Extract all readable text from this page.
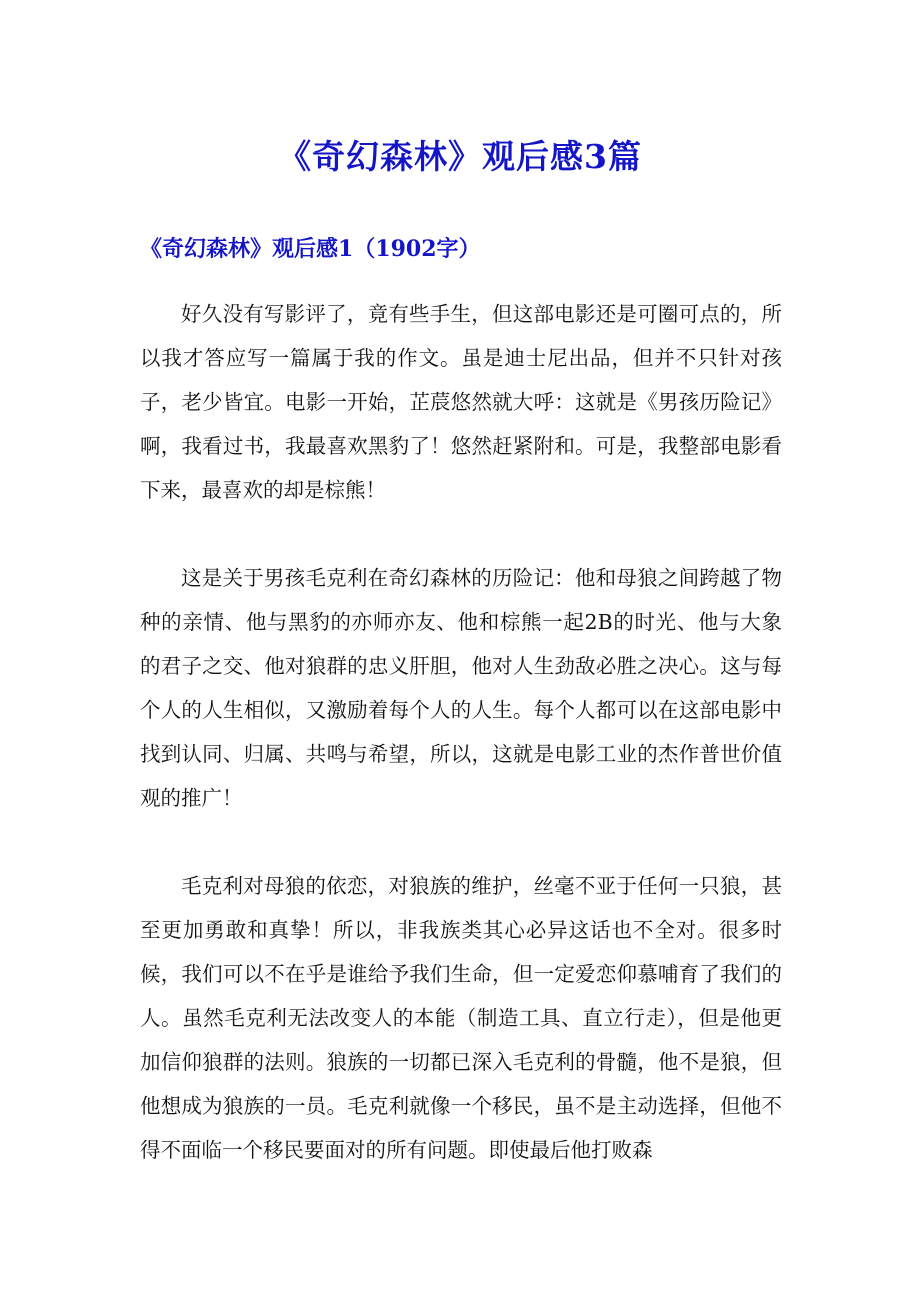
《奇幻森林》观后感3篇
《奇幻森林》观后感1（1902字）

好久没有写影评了，竟有些手生，但这部电影还是可圈可点的，所以我才答应写一篇属于我的作文。虽是迪士尼出品，但并不只针对孩子，老少皆宜。电影一开始，芷莀悠然就大呼：这就是《男孩历险记》啊，我看过书，我最喜欢黑豹了！悠然赶紧附和。可是，我整部电影看下来，最喜欢的却是棕熊！

这是关于男孩毛克利在奇幻森林的历险记：他和母狼之间跨越了物种的亲情、他与黑豹的亦师亦友、他和棕熊一起2B的时光、他与大象的君子之交、他对狼群的忠义肝胆，他对人生劲敌必胜之决心。这与每个人的人生相似，又激励着每个人的人生。每个人都可以在这部电影中找到认同、归属、共鸣与希望，所以，这就是电影工业的杰作普世价值观的推广！

毛克利对母狼的依恋，对狼族的维护，丝毫不亚于任何一只狼，甚至更加勇敢和真挚！所以，非我族类其心必异这话也不全对。很多时候，我们可以不在乎是谁给予我们生命，但一定爱恋仰慕哺育了我们的人。虽然毛克利无法改变人的本能（制造工具、直立行走），但是他更加信仰狼群的法则。狼族的一切都已深入毛克利的骨髓，他不是狼，但他想成为狼族的一员。毛克利就像一个移民，虽不是主动选择，但他不得不面临一个移民要面对的所有问题。即使最后他打败森
